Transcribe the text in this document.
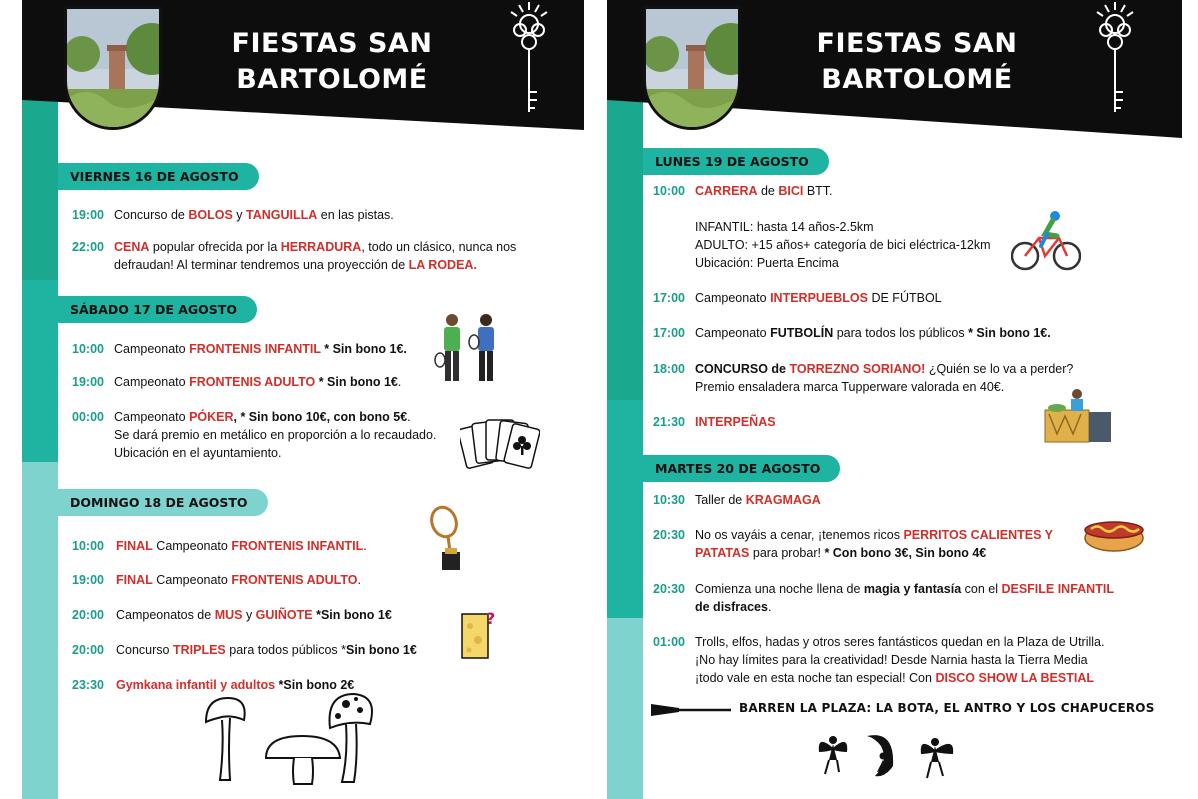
FIESTAS SAN
BARTOLOMÉ
VIERNES 16 DE AGOSTO
19:00 Concurso de BOLOS y TANGUILLA en las pistas.
22:00 CENA popular ofrecida por la HERRADURA, todo un clásico, nunca nos
defraudan! Al terminar tendremos una proyección de LA RODEA.
SÁBADO 17 DE AGOSTO
10:00 Campeonato FRONTENIS INFANTIL * Sin bono 1€.
19:00 Campeonato FRONTENIS ADULTO * Sin bono 1€.
00:00 Campeonato PÓKER, * Sin bono 10€, con bono 5€.
Se dará premio en metálico en proporción a lo recaudado.
Ubicación en el ayuntamiento.
DOMINGO 18 DE AGOSTO
10:00 FINAL Campeonato FRONTENIS INFANTIL.
19:00 FINAL Campeonato FRONTENIS ADULTO.
20:00 Campeonatos de MUS y GUIÑOTE *Sin bono 1€
20:00 Concurso TRIPLES para todos públicos *Sin bono 1€
23:30 Gymkana infantil y adultos *Sin bono 2€
?
FIESTAS SAN
BARTOLOMÉ
LUNES 19 DE AGOSTO
10:00 CARRERA de BICI BTT.

INFANTIL: hasta 14 años-2.5km
ADULTO: +15 años+ categoría de bici eléctrica-12km
Ubicación: Puerta Encima
17:00 Campeonato INTERPUEBLOS DE FÚTBOL
17:00 Campeonato FUTBOLÍN para todos los públicos * Sin bono 1€.
18:00 CONCURSO de TORREZNO SORIANO! ¿Quién se lo va a perder?
Premio ensaladera marca Tupperware valorada en 40€.
21:30 INTERPEÑAS
MARTES 20 DE AGOSTO
10:30 Taller de KRAGMAGA
20:30 No os vayáis a cenar, ¡tenemos ricos PERRITOS CALIENTES Y
PATATAS para probar! * Con bono 3€, Sin bono 4€
20:30 Comienza una noche llena de magia y fantasía con el DESFILE INFANTIL
de disfraces.
01:00 Trolls, elfos, hadas y otros seres fantásticos quedan en la Plaza de Utrilla.
¡No hay límites para la creatividad! Desde Narnia hasta la Tierra Media
¡todo vale en esta noche tan especial! Con DISCO SHOW LA BESTIAL
BARREN LA PLAZA: LA BOTA, EL ANTRO Y LOS CHAPUCEROS
